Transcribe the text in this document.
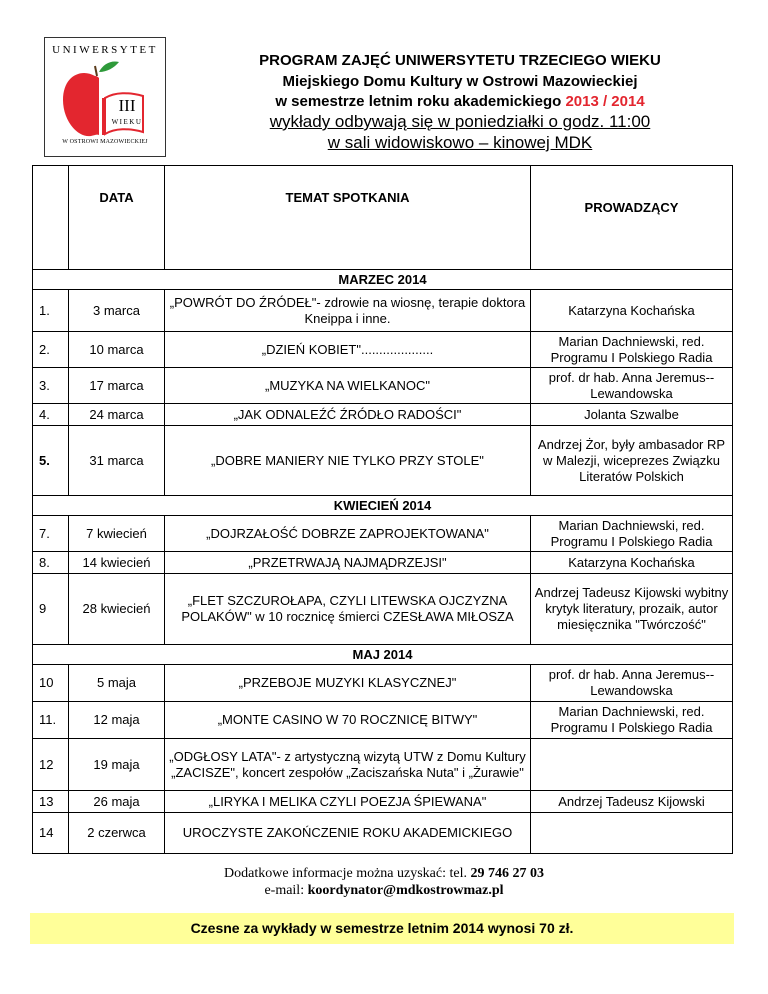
UNIWERSYTET
III
WIEKU
W OSTROWI MAZOWIECKIEJ
PROGRAM ZAJĘĆ UNIWERSYTETU TRZECIEGO WIEKU
Miejskiego Domu Kultury w Ostrowi Mazowieckiej
w semestrze letnim roku akademickiego 2013 / 2014
wykłady odbywają się w poniedziałki o godz. 11:00
w sali widowiskowo – kinowej MDK
	DATA	TEMAT SPOTKANIA	PROWADZĄCY
MARZEC 2014			
1.	3 marca	„POWRÓT DO ŹRÓDEŁ"- zdrowie na wiosnę, terapie doktora Kneippa i inne.	Katarzyna Kochańska
2.	10 marca	„DZIEŃ KOBIET"....................	Marian Dachniewski, red. Programu I Polskiego Radia
3.	17 marca	„MUZYKA NA WIELKANOC"	prof. dr hab. Anna Jeremus--Lewandowska
4.	24 marca	„JAK ODNALEŹĆ ŹRÓDŁO RADOŚCI"	Jolanta Szwalbe
5.	31 marca	„DOBRE MANIERY NIE TYLKO PRZY STOLE"	Andrzej Żor, były ambasador RP w Malezji, wiceprezes Związku Literatów Polskich
KWIECIEŃ 2014			
7.	7 kwiecień	„DOJRZAŁOŚĆ DOBRZE ZAPROJEKTOWANA"	Marian Dachniewski, red. Programu I Polskiego Radia
8.	14 kwiecień	„PRZETRWAJĄ NAJMĄDRZEJSI"	Katarzyna Kochańska
9	28 kwiecień	„FLET SZCZUROŁAPA, CZYLI LITEWSKA OJCZYZNA POLAKÓW" w 10 rocznicę śmierci CZESŁAWA MIŁOSZA	Andrzej Tadeusz Kijowski wybitny krytyk literatury, prozaik, autor miesięcznika "Twórczość"
MAJ 2014			
10	5 maja	„PRZEBOJE MUZYKI KLASYCZNEJ"	prof. dr hab. Anna Jeremus--Lewandowska
11.	12 maja	„MONTE CASINO W 70 ROCZNICĘ BITWY"	Marian Dachniewski, red. Programu I Polskiego Radia
12	19 maja	„ODGŁOSY LATA"- z artystyczną wizytą UTW z Domu Kultury „ZACISZE", koncert zespołów „Zaciszańska Nuta" i „Żurawie"	
13	26 maja	„LIRYKA I MELIKA CZYLI POEZJA ŚPIEWANA"	Andrzej Tadeusz Kijowski
14	2 czerwca	UROCZYSTE ZAKOŃCZENIE ROKU AKADEMICKIEGO	
Dodatkowe informacje można uzyskać: tel. 29 746 27 03
e-mail: koordynator@mdkostrowmaz.pl
Czesne za wykłady w semestrze letnim 2014 wynosi 70 zł.
